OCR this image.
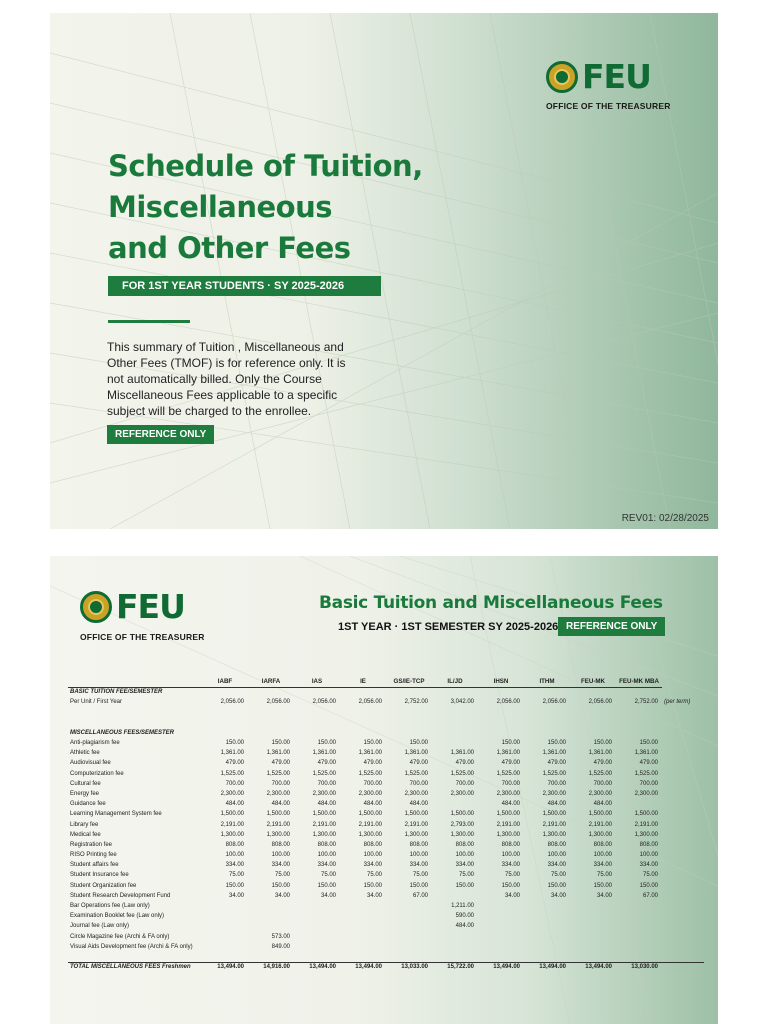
FEU
OFFICE OF THE TREASURER
Schedule of Tuition,
Miscellaneous
and Other Fees
FOR 1ST YEAR STUDENTS · SY 2025-2026

This summary of Tuition , Miscellaneous and Other Fees (TMOF) is for reference only. It is not automatically billed. Only the Course Miscellaneous Fees applicable to a specific subject will be charged to the enrollee.

REFERENCE ONLY
REV01: 02/28/2025
FEU
OFFICE OF THE TREASURER
Basic Tuition and Miscellaneous Fees
1ST YEAR · 1ST SEMESTER SY 2025-2026 REFERENCE ONLY
	IABF	IARFA	IAS	IE	GS/IE-TCP	IL/JD	IHSN	ITHM	FEU-MK	FEU-MK MBA	
BASIC TUITION FEE/SEMESTER											
Per Unit / First Year	2,056.00	2,056.00	2,056.00	2,056.00	2,752.00	3,042.00	2,056.00	2,056.00	2,056.00	2,752.00	(per term)

MISCELLANEOUS FEES/SEMESTER											
Anti-plagiarism fee	150.00	150.00	150.00	150.00	150.00		150.00	150.00	150.00	150.00	
Athletic fee	1,361.00	1,361.00	1,361.00	1,361.00	1,361.00	1,361.00	1,361.00	1,361.00	1,361.00	1,361.00	
Audiovisual fee	479.00	479.00	479.00	479.00	479.00	479.00	479.00	479.00	479.00	479.00	
Computerization fee	1,525.00	1,525.00	1,525.00	1,525.00	1,525.00	1,525.00	1,525.00	1,525.00	1,525.00	1,525.00	
Cultural fee	700.00	700.00	700.00	700.00	700.00	700.00	700.00	700.00	700.00	700.00	
Energy fee	2,300.00	2,300.00	2,300.00	2,300.00	2,300.00	2,300.00	2,300.00	2,300.00	2,300.00	2,300.00	
Guidance fee	484.00	484.00	484.00	484.00	484.00		484.00	484.00	484.00		
Learning Management System fee	1,500.00	1,500.00	1,500.00	1,500.00	1,500.00	1,500.00	1,500.00	1,500.00	1,500.00	1,500.00	
Library fee	2,191.00	2,191.00	2,191.00	2,191.00	2,191.00	2,793.00	2,191.00	2,191.00	2,191.00	2,191.00	
Medical fee	1,300.00	1,300.00	1,300.00	1,300.00	1,300.00	1,300.00	1,300.00	1,300.00	1,300.00	1,300.00	
Registration fee	808.00	808.00	808.00	808.00	808.00	808.00	808.00	808.00	808.00	808.00	
RISO Printing fee	100.00	100.00	100.00	100.00	100.00	100.00	100.00	100.00	100.00	100.00	
Student affairs fee	334.00	334.00	334.00	334.00	334.00	334.00	334.00	334.00	334.00	334.00	
Student Insurance fee	75.00	75.00	75.00	75.00	75.00	75.00	75.00	75.00	75.00	75.00	
Student Organization fee	150.00	150.00	150.00	150.00	150.00	150.00	150.00	150.00	150.00	150.00	
Student Research Development Fund	34.00	34.00	34.00	34.00	67.00		34.00	34.00	34.00	67.00	
Bar Operations fee (Law only)						1,211.00					
Examination Booklet fee (Law only)						590.00					
Journal fee (Law only)						484.00					
Circle Magazine fee (Archi & FA only)		573.00									
Visual Aids Development fee (Archi & FA only)		849.00									

TOTAL MISCELLANEOUS FEES Freshmen	13,494.00	14,916.00	13,494.00	13,494.00	13,033.00	15,722.00	13,494.00	13,494.00	13,494.00	13,030.00	
